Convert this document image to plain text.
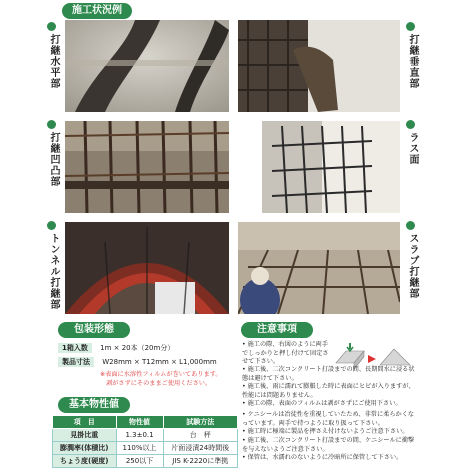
施工状況例
打継水平部	打継垂直部
打継凹凸部	ラス面
トンネル打継部	スラブ打継部
包装形態
1箱入数 1m × 20本（20m分）
製品寸法 W28mm × T12mm × L1,000mm
※表面に水溶性フィルムが巻いてあります。
剥がさずにそのままご使用ください。
基本物性値
項　目	物性値	試験方法
見掛比重	1.3±0.1	台　秤
膨潤率(体積比)	110%以上	片面浸漬24時間後
ちょう度(硬度)	250以下	JIS K-2220に準拠
注意事項
• 施工の際、右図のように両手でしっかりと押し付けて固定させて下さい。
• 施工後、二次コンクリート打設までの間、長期間水に浸る状態は避けて下さい。
• 施工後、雨に濡れて膨脹した時に表面にヒビが入りますが、性能には問題ありません。
• 施工の際、表面のフィルムは剥がさずにご使用下さい。
• ケニシールは冶徒性を重視していたため、非常に柔らかくなっています。両手で持つように取り扱って下さい。
• 施工時に極端に製品を押さえ付けないようご注意下さい。
• 施工後、二次コンクリート打設までの間、ケニシールに衝撃を与えないようご注意下さい。
• 保管は、水濡れのないように冷暗所に保管して下さい。
